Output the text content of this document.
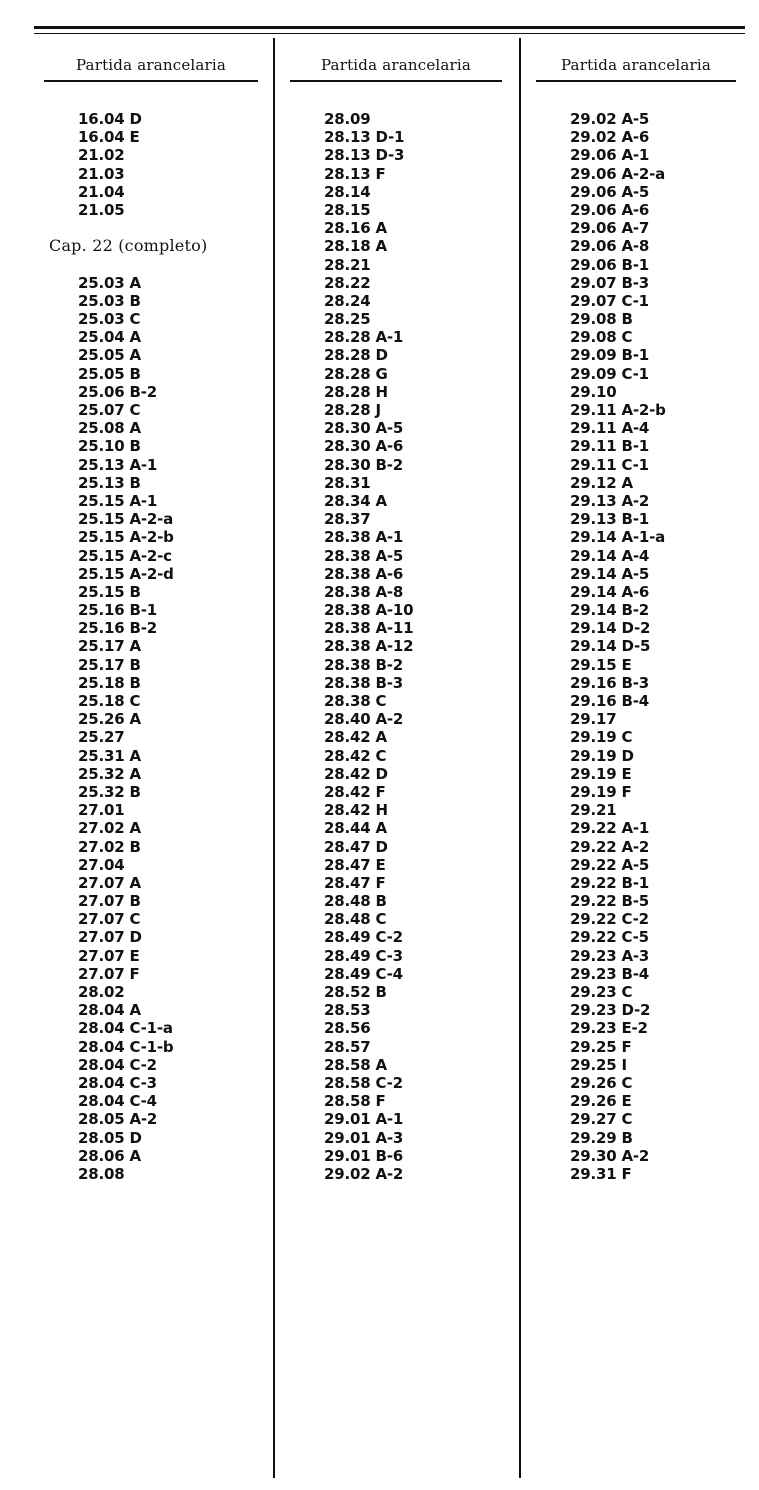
Partida arancelaria
16.04 D
16.04 E
21.02
21.03
21.04
21.05
Cap. 22 (completo)
25.03 A
25.03 B
25.03 C
25.04 A
25.05 A
25.05 B
25.06 B-2
25.07 C
25.08 A
25.10 B
25.13 A-1
25.13 B
25.15 A-1
25.15 A-2-a
25.15 A-2-b
25.15 A-2-c
25.15 A-2-d
25.15 B
25.16 B-1
25.16 B-2
25.17 A
25.17 B
25.18 B
25.18 C
25.26 A
25.27
25.31 A
25.32 A
25.32 B
27.01
27.02 A
27.02 B
27.04
27.07 A
27.07 B
27.07 C
27.07 D
27.07 E
27.07 F
28.02
28.04 A
28.04 C-1-a
28.04 C-1-b
28.04 C-2
28.04 C-3
28.04 C-4
28.05 A-2
28.05 D
28.06 A
28.08
Partida arancelaria
28.09
28.13 D-1
28.13 D-3
28.13 F
28.14
28.15
28.16 A
28.18 A
28.21
28.22
28.24
28.25
28.28 A-1
28.28 D
28.28 G
28.28 H
28.28 J
28.30 A-5
28.30 A-6
28.30 B-2
28.31
28.34 A
28.37
28.38 A-1
28.38 A-5
28.38 A-6
28.38 A-8
28.38 A-10
28.38 A-11
28.38 A-12
28.38 B-2
28.38 B-3
28.38 C
28.40 A-2
28.42 A
28.42 C
28.42 D
28.42 F
28.42 H
28.44 A
28.47 D
28.47 E
28.47 F
28.48 B
28.48 C
28.49 C-2
28.49 C-3
28.49 C-4
28.52 B
28.53
28.56
28.57
28.58 A
28.58 C-2
28.58 F
29.01 A-1
29.01 A-3
29.01 B-6
29.02 A-2
Partida arancelaria
29.02 A-5
29.02 A-6
29.06 A-1
29.06 A-2-a
29.06 A-5
29.06 A-6
29.06 A-7
29.06 A-8
29.06 B-1
29.07 B-3
29.07 C-1
29.08 B
29.08 C
29.09 B-1
29.09 C-1
29.10
29.11 A-2-b
29.11 A-4
29.11 B-1
29.11 C-1
29.12 A
29.13 A-2
29.13 B-1
29.14 A-1-a
29.14 A-4
29.14 A-5
29.14 A-6
29.14 B-2
29.14 D-2
29.14 D-5
29.15 E
29.16 B-3
29.16 B-4
29.17
29.19 C
29.19 D
29.19 E
29.19 F
29.21
29.22 A-1
29.22 A-2
29.22 A-5
29.22 B-1
29.22 B-5
29.22 C-2
29.22 C-5
29.23 A-3
29.23 B-4
29.23 C
29.23 D-2
29.23 E-2
29.25 F
29.25 I
29.26 C
29.26 E
29.27 C
29.29 B
29.30 A-2
29.31 F
